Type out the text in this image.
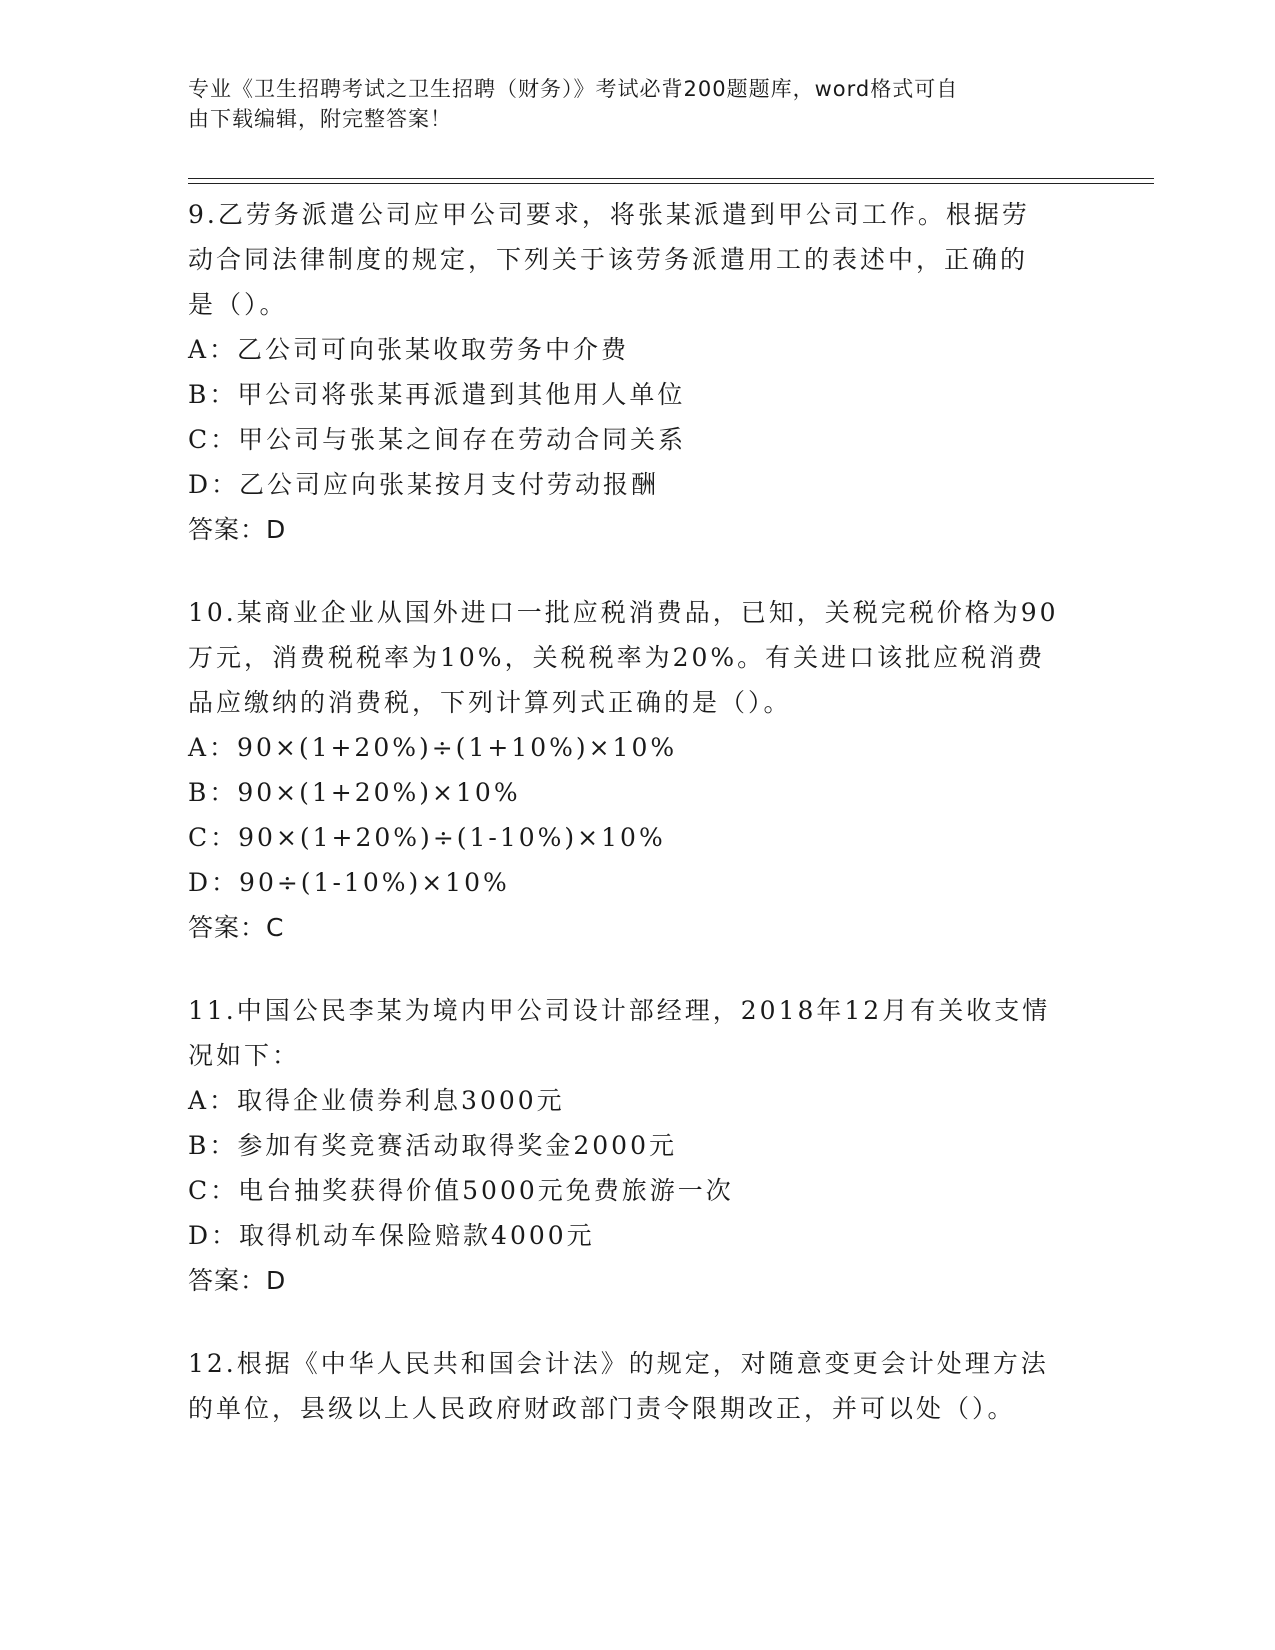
专业《卫生招聘考试之卫生招聘（财务）》考试必背200题题库，word格式可自
由下载编辑，附完整答案！

9.乙劳务派遣公司应甲公司要求，将张某派遣到甲公司工作。根据劳

动合同法律制度的规定，下列关于该劳务派遣用工的表述中，正确的

是（）。

A：乙公司可向张某收取劳务中介费

B：甲公司将张某再派遣到其他用人单位

C：甲公司与张某之间存在劳动合同关系

D：乙公司应向张某按月支付劳动报酬

答案：D

10.某商业企业从国外进口一批应税消费品，已知，关税完税价格为90

万元，消费税税率为10%，关税税率为20%。有关进口该批应税消费

品应缴纳的消费税，下列计算列式正确的是（）。

A：90×(1+20%)÷(1+10%)×10%

B：90×(1+20%)×10%

C：90×(1+20%)÷(1-10%)×10%

D：90÷(1-10%)×10%

答案：C

11.中国公民李某为境内甲公司设计部经理，2018年12月有关收支情

况如下：

A：取得企业债券利息3000元

B：参加有奖竞赛活动取得奖金2000元

C：电台抽奖获得价值5000元免费旅游一次

D：取得机动车保险赔款4000元

答案：D

12.根据《中华人民共和国会计法》的规定，对随意变更会计处理方法

的单位，县级以上人民政府财政部门责令限期改正，并可以处（）。
